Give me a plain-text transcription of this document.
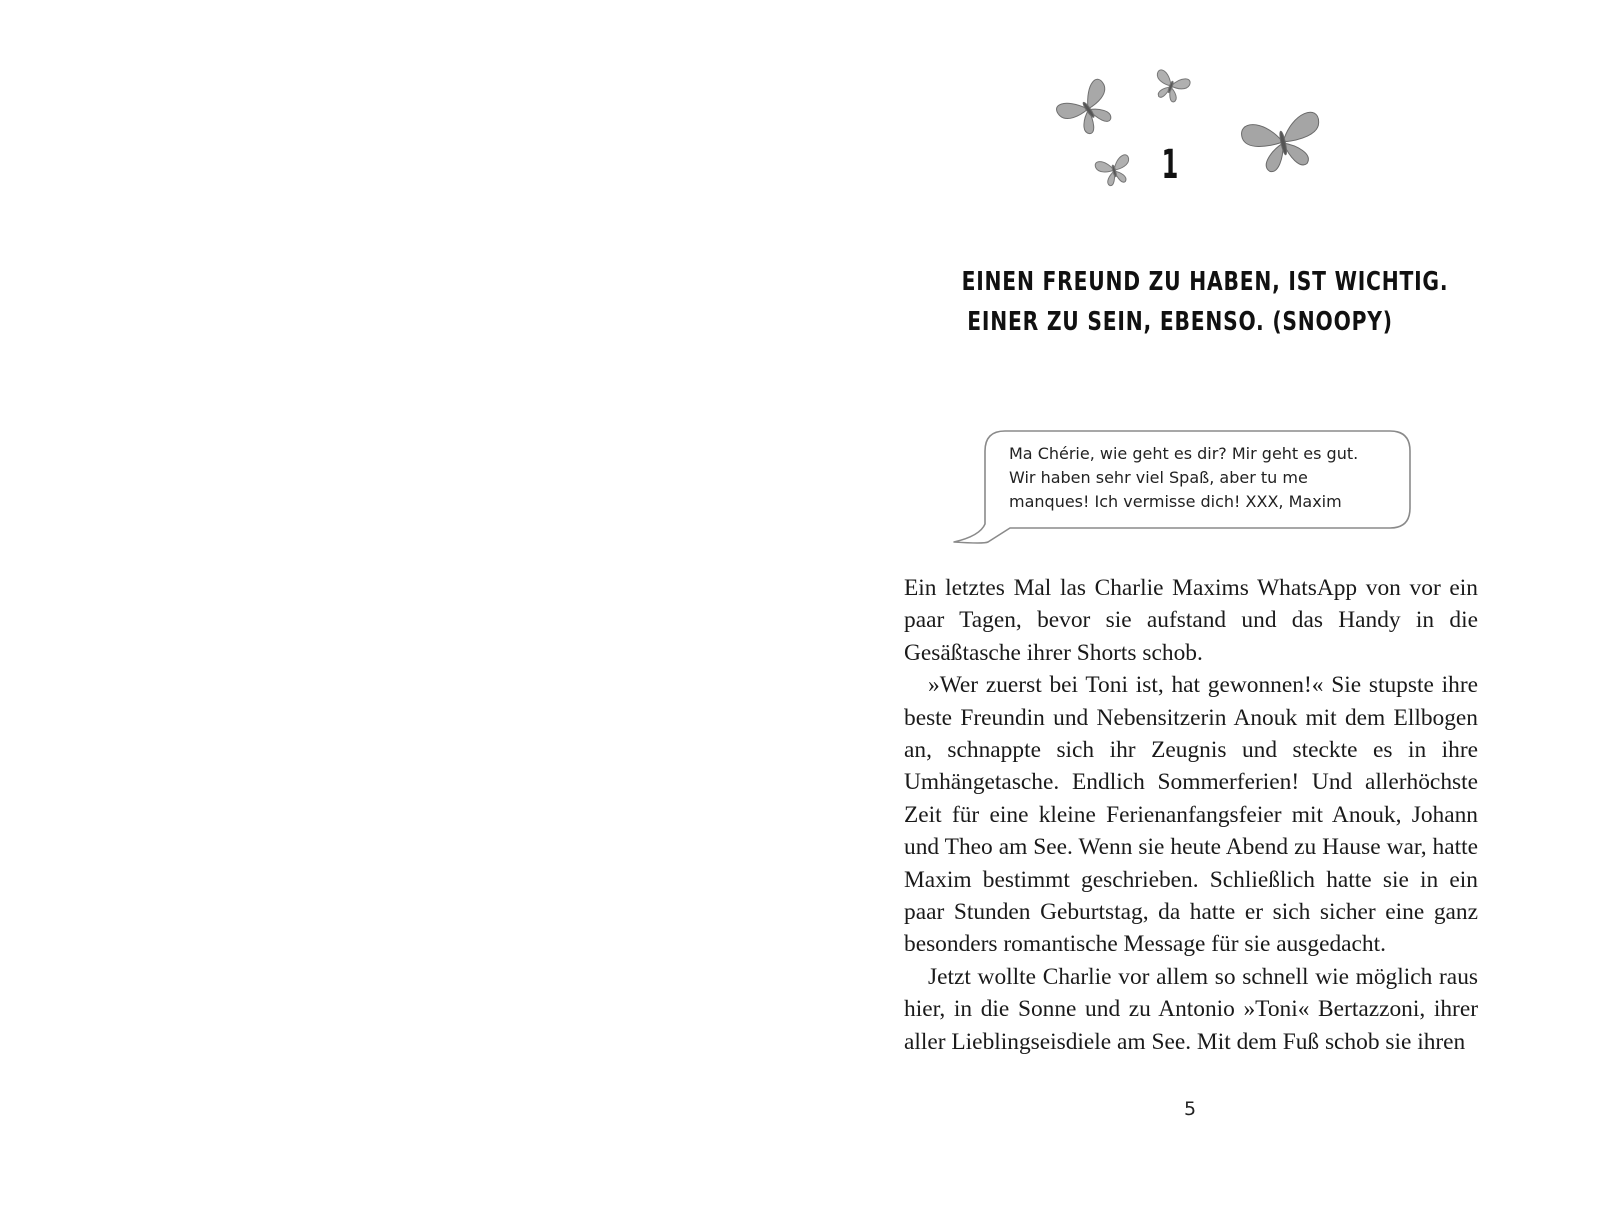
1
EINEN FREUND ZU HABEN, IST WICHTIG.
EINER ZU SEIN, EBENSO. (SNOOPY)
Ma Chérie, wie geht es dir? Mir geht es gut. Wir haben sehr viel Spaß, aber tu me manques! Ich vermisse dich! XXX, Maxim

Ein letztes Mal las Charlie Maxims WhatsApp von vor ein paar Tagen, bevor sie aufstand und das Handy in die Gesäßtasche ihrer Shorts schob.

»Wer zuerst bei Toni ist, hat gewonnen!« Sie stupste ihre beste Freundin und Nebensitzerin Anouk mit dem Ellbogen an, schnappte sich ihr Zeugnis und steckte es in ihre Umhängetasche. Endlich Sommerferien! Und allerhöchste Zeit für eine kleine Ferienanfangsfeier mit Anouk, Johann und Theo am See. Wenn sie heute Abend zu Hause war, hatte Maxim bestimmt geschrieben. Schließlich hatte sie in ein paar Stunden Geburtstag, da hatte er sich sicher eine ganz besonders romantische Message für sie ausgedacht.

Jetzt wollte Charlie vor allem so schnell wie möglich raus hier, in die Sonne und zu Antonio »Toni« Bertazzoni, ihrer aller Lieblingseisdiele am See. Mit dem Fuß schob sie ihren

5
